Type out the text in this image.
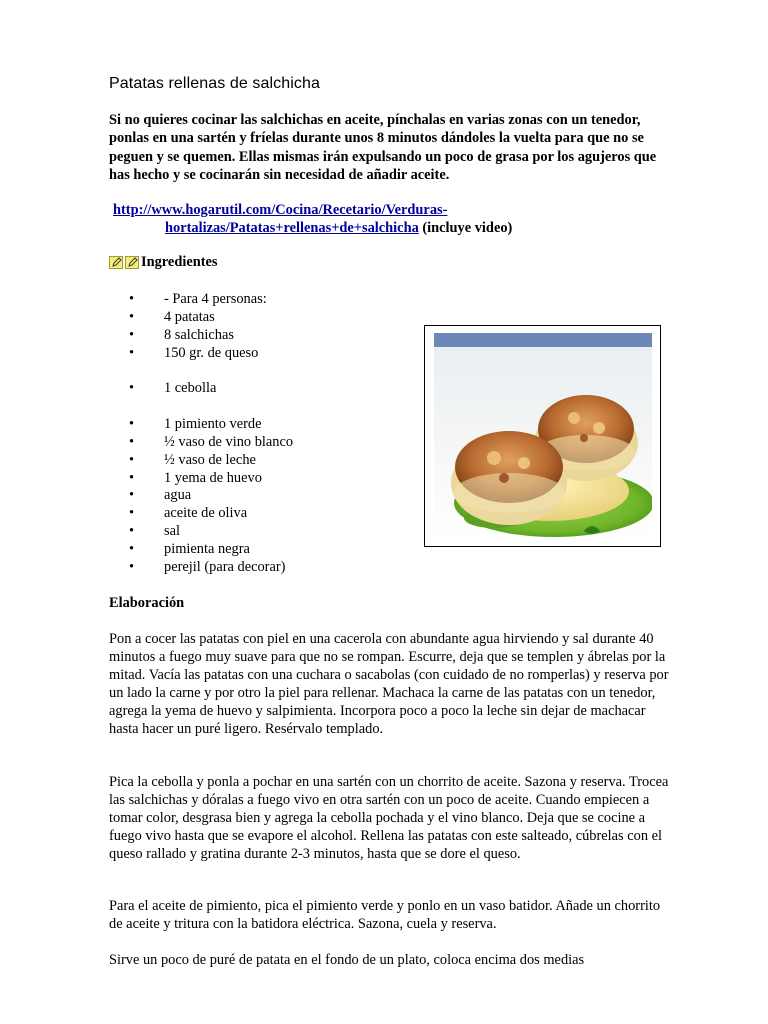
Patatas rellenas de salchicha
Si no quieres cocinar las salchichas en aceite, pínchalas en varias zonas con un tenedor, ponlas en una sartén y fríelas durante unos 8 minutos dándoles la vuelta para que no se peguen y se quemen. Ellas mismas irán expulsando un poco de grasa por los agujeros que has hecho y se cocinarán sin necesidad de añadir aceite.
http://www.hogarutil.com/Cocina/Recetario/Verduras-
hortalizas/Patatas+rellenas+de+salchicha (incluye video)
Ingredientes
• - Para 4 personas:
• 4 patatas
• 8 salchichas
• 150 gr. de queso
• 1 cebolla
• 1 pimiento verde
• ½ vaso de vino blanco
• ½ vaso de leche
• 1 yema de huevo
• agua
• aceite de oliva
• sal
• pimienta negra
• perejil (para decorar)
Elaboración

Pon a cocer las patatas con piel en una cacerola con abundante agua hirviendo y sal durante 40 minutos a fuego muy suave para que no se rompan. Escurre, deja que se templen y ábrelas por la mitad. Vacía las patatas con una cuchara o sacabolas (con cuidado de no romperlas) y reserva por un lado la carne y por otro la piel para rellenar. Machaca la carne de las patatas con un tenedor, agrega la yema de huevo y salpimienta. Incorpora poco a poco la leche sin dejar de machacar hasta hacer un puré ligero. Resérvalo templado.

Pica la cebolla y ponla a pochar en una sartén con un chorrito de aceite. Sazona y reserva. Trocea las salchichas y dóralas a fuego vivo en otra sartén con un poco de aceite. Cuando empiecen a tomar color, desgrasa bien y agrega la cebolla pochada y el vino blanco. Deja que se cocine a fuego vivo hasta que se evapore el alcohol. Rellena las patatas con este salteado, cúbrelas con el queso rallado y gratina durante 2-3 minutos, hasta que se dore el queso.

Para el aceite de pimiento, pica el pimiento verde y ponlo en un vaso batidor. Añade un chorrito de aceite y tritura con la batidora eléctrica. Sazona, cuela y reserva.

Sirve un poco de puré de patata en el fondo de un plato, coloca encima dos medias
